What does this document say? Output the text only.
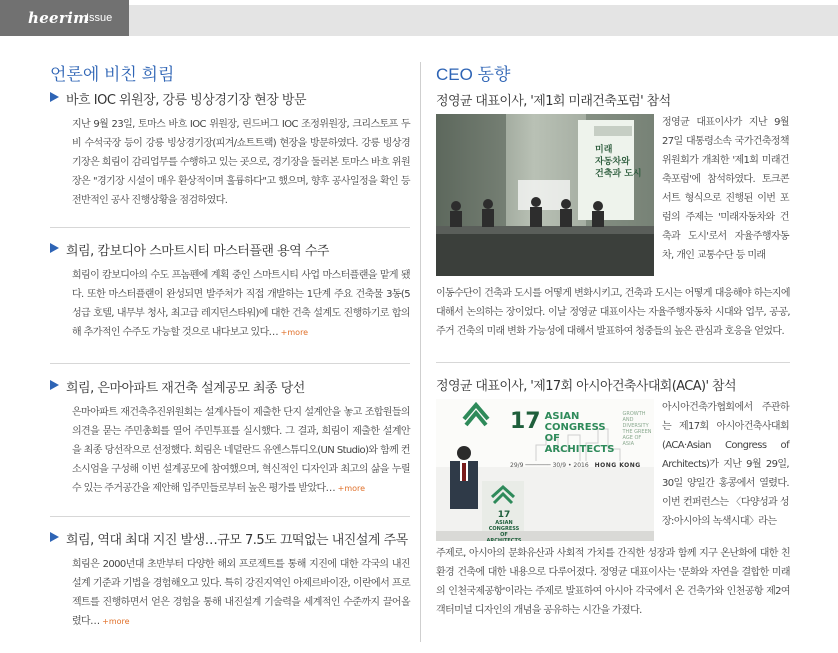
heerim
Issue
언론에 비친 희림
바흐 IOC 위원장, 강릉 빙상경기장 현장 방문
지난 9월 23일, 토마스 바흐 IOC 위원장, 린드버그 IOC 조정위원장, 크리스토프 두비 수석국장 등이 강릉 빙상경기장(피겨/쇼트트랙) 현장을 방문하였다. 강릉 빙상경기장은 희림이 감리업무를 수행하고 있는 곳으로, 경기장을 둘러본 토마스 바흐 위원장은 "경기장 시설이 매우 환상적이며 훌륭하다"고 했으며, 향후 공사일정을 확인 등 전반적인 공사 진행상황을 점검하였다.
희림, 캄보디아 스마트시티 마스터플랜 용역 수주
희림이 캄보디아의 수도 프놈펜에 계획 중인 스마트시티 사업 마스터플랜을 맡게 됐다. 또한 마스터플랜이 완성되면 발주처가 직접 개발하는 1단계 주요 건축물 3동(5성급 호텔, 내무부 청사, 최고급 레지던스타워)에 대한 건축 설계도 진행하기로 합의해 추가적인 수주도 가능할 것으로 내다보고 있다… +more
희림, 은마아파트 재건축 설계공모 최종 당선
은마아파트 재건축추진위원회는 설계사들이 제출한 단지 설계안을 놓고 조합원들의 의견을 묻는 주민총회를 열어 주민투표를 실시했다. 그 결과, 희림이 제출한 설계안을 최종 당선작으로 선정했다. 희림은 네덜란드 유엔스튜디오(UN Studio)와 함께 컨소시엄을 구성해 이번 설계공모에 참여했으며, 혁신적인 디자인과 최고의 삶을 누릴 수 있는 주거공간을 제안해 입주민들로부터 높은 평가를 받았다… +more
희림, 역대 최대 지진 발생…규모 7.5도 끄떡없는 내진설계 주목
희림은 2000년대 초반부터 다양한 해외 프로젝트를 통해 지진에 대한 각국의 내진설계 기준과 기법을 경험해오고 있다. 특히 강진지역인 아제르바이잔, 이란에서 프로젝트를 진행하면서 얻은 경험을 통해 내진설계 기술력을 세계적인 수준까지 끌어올렸다… +more
CEO 동향
정영균 대표이사, '제1회 미래건축포럼' 참석
미래
자동차와
건축과 도시
정영균 대표이사가 지난 9월 27일 대통령소속 국가건축정책위원회가 개최한 '제1회 미래건축포럼'에 참석하였다. 토크콘서트 형식으로 진행된 이번 포럼의 주제는 '미래자동차와 건축과 도시'로서 자율주행자동차, 개인 교통수단 등 미래
이동수단이 건축과 도시를 어떻게 변화시키고, 건축과 도시는 어떻게 대응해야 하는지에 대해서 논의하는 장이었다. 이날 정영균 대표이사는 자율주행자동차 시대와 업무, 공공, 주거 건축의 미래 변화 가능성에 대해서 발표하여 청중들의 높은 관심과 호응을 얻었다.
정영균 대표이사, '제17회 아시아건축사대회(ACA)' 참석
17 ASIAN CONGRESS
OF ARCHITECTS
GROWTH AND DIVERSITY
THE GREEN AGE OF ASIA
29/9 ─────── 30/9 • 2016 HONG KONG
17
ASIAN CONGRESS
OF ARCHITECTS
아시아건축가협회에서 주관하는 제17회 아시아건축사대회(ACA·Asian Congress of Architects)가 지난 9월 29일, 30일 양일간 홍콩에서 열렸다. 이번 컨퍼런스는 〈다양성과 성장:아시아의 녹색시대〉라는
주제로, 아시아의 문화유산과 사회적 가치를 간직한 성장과 함께 지구 온난화에 대한 친환경 건축에 대한 내용으로 다루어졌다. 정영균 대표이사는 '문화와 자연을 결합한 미래의 인천국제공항'이라는 주제로 발표하여 아시아 각국에서 온 건축가와 인천공항 제2여객터미널 디자인의 개념을 공유하는 시간을 가졌다.
